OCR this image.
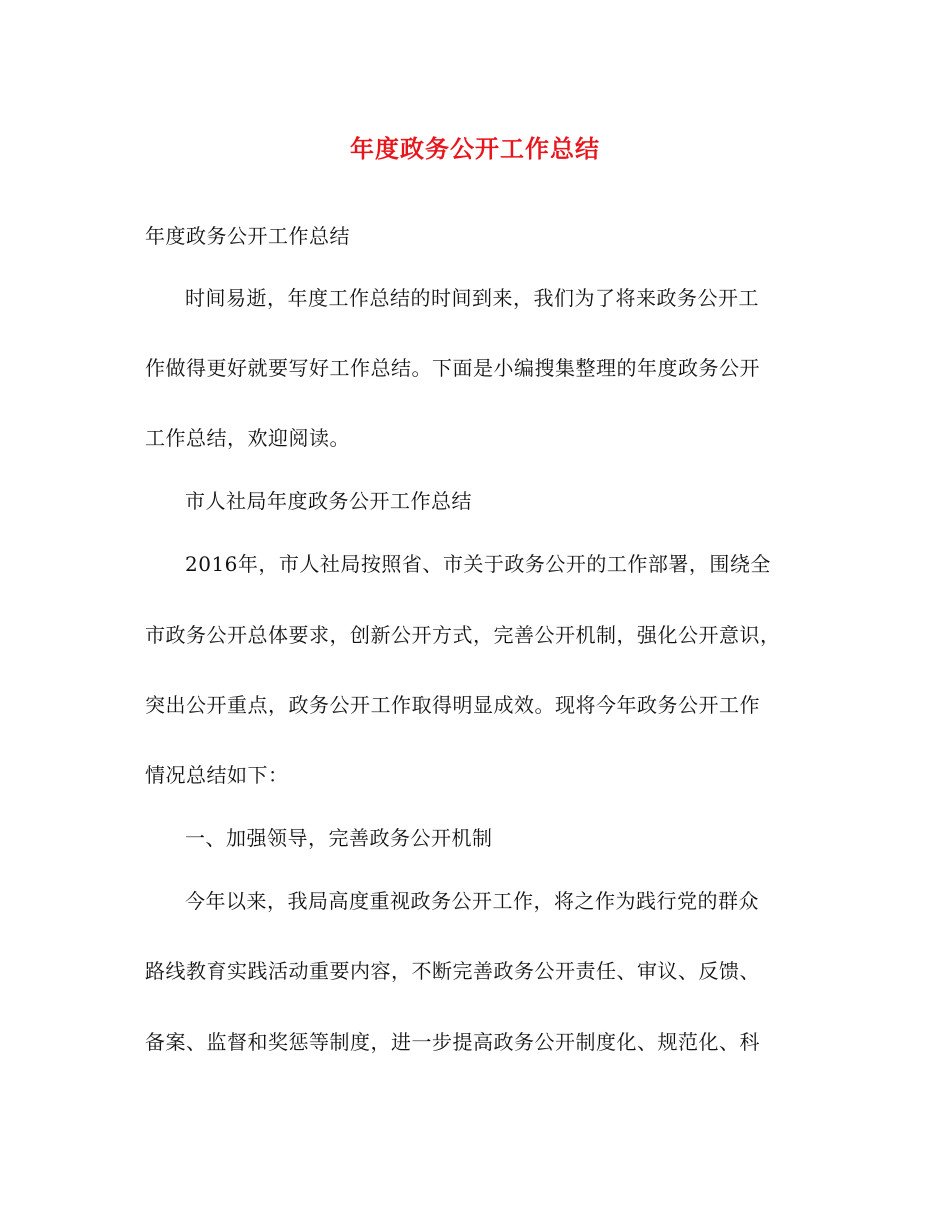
年度政务公开工作总结
年度政务公开工作总结
时间易逝，年度工作总结的时间到来，我们为了将来政务公开工
作做得更好就要写好工作总结。下面是小编搜集整理的年度政务公开
工作总结，欢迎阅读。
市人社局年度政务公开工作总结
2016年，市人社局按照省、市关于政务公开的工作部署，围绕全
市政务公开总体要求，创新公开方式，完善公开机制，强化公开意识，
突出公开重点，政务公开工作取得明显成效。现将今年政务公开工作
情况总结如下：
一、加强领导，完善政务公开机制
今年以来，我局高度重视政务公开工作，将之作为践行党的群众
路线教育实践活动重要内容，不断完善政务公开责任、审议、反馈、
备案、监督和奖惩等制度，进一步提高政务公开制度化、规范化、科
